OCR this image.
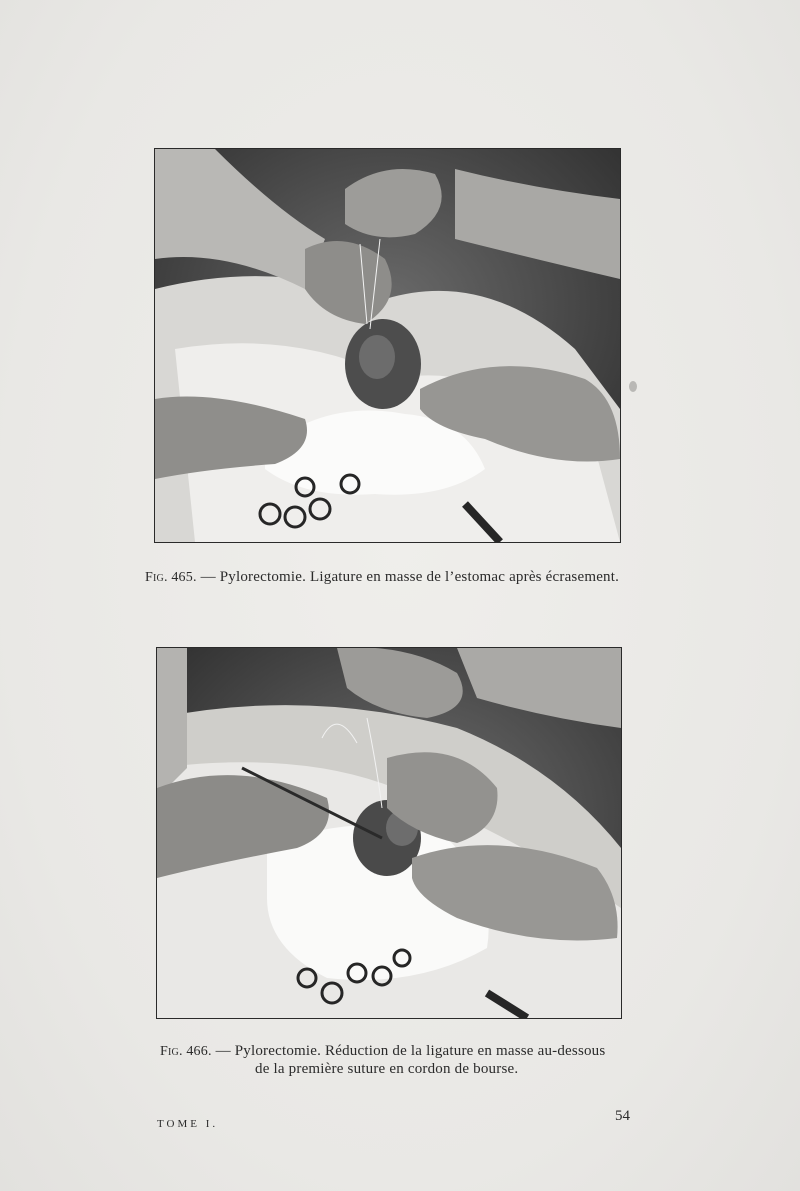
Fig. 465. — Pylorectomie. Ligature en masse de l’estomac après écrasement.
Fig. 466. — Pylorectomie. Réduction de la ligature en masse au-dessous
de la première suture en cordon de bourse.
TOME I.	54
